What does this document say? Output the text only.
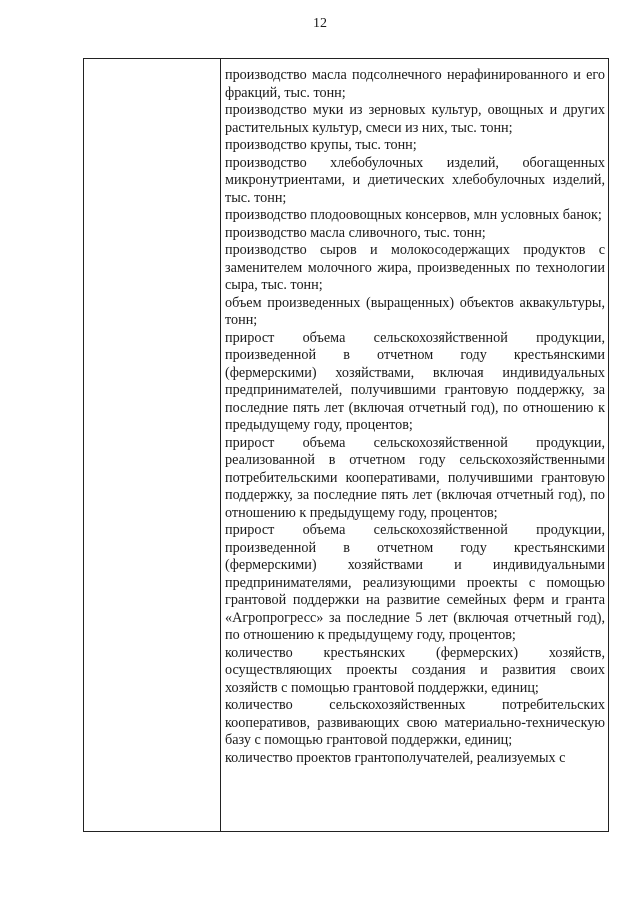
12

производство масла подсолнечного нерафинированного и его фракций, тыс. тонн;

производство муки из зерновых культур, овощных и других растительных культур, смеси из них, тыс. тонн;

производство крупы, тыс. тонн;

производство хлебобулочных изделий, обогащенных микронутриентами, и диетических хлебобулочных изделий, тыс. тонн;

производство плодоовощных консервов, млн условных банок;

производство масла сливочного, тыс. тонн;

производство сыров и молокосодержащих продуктов с заменителем молочного жира, произведенных по технологии сыра, тыс. тонн;

объем произведенных (выращенных) объектов аквакультуры, тонн;

прирост объема сельскохозяйственной продукции, произведенной в отчетном году крестьянскими (фермерскими) хозяйствами, включая индивидуальных предпринимателей, получившими грантовую поддержку, за последние пять лет (включая отчетный год), по отношению к предыдущему году, процентов;

прирост объема сельскохозяйственной продукции, реализованной в отчетном году сельскохозяйственными потребительскими кооперативами, получившими грантовую поддержку, за последние пять лет (включая отчетный год), по отношению к предыдущему году, процентов;

прирост объема сельскохозяйственной продукции, произведенной в отчетном году крестьянскими (фермерскими) хозяйствами и индивидуальными предпринимателями, реализующими проекты с помощью грантовой поддержки на развитие семейных ферм и гранта «Агропрогресс» за последние 5 лет (включая отчетный год), по отношению к предыдущему году, процентов;

количество крестьянских (фермерских) хозяйств, осуществляющих проекты создания и развития своих хозяйств с помощью грантовой поддержки, единиц;

количество сельскохозяйственных потребительских кооперативов, развивающих свою материально-техническую базу с помощью грантовой поддержки, единиц;

количество проектов грантополучателей, реализуемых с
